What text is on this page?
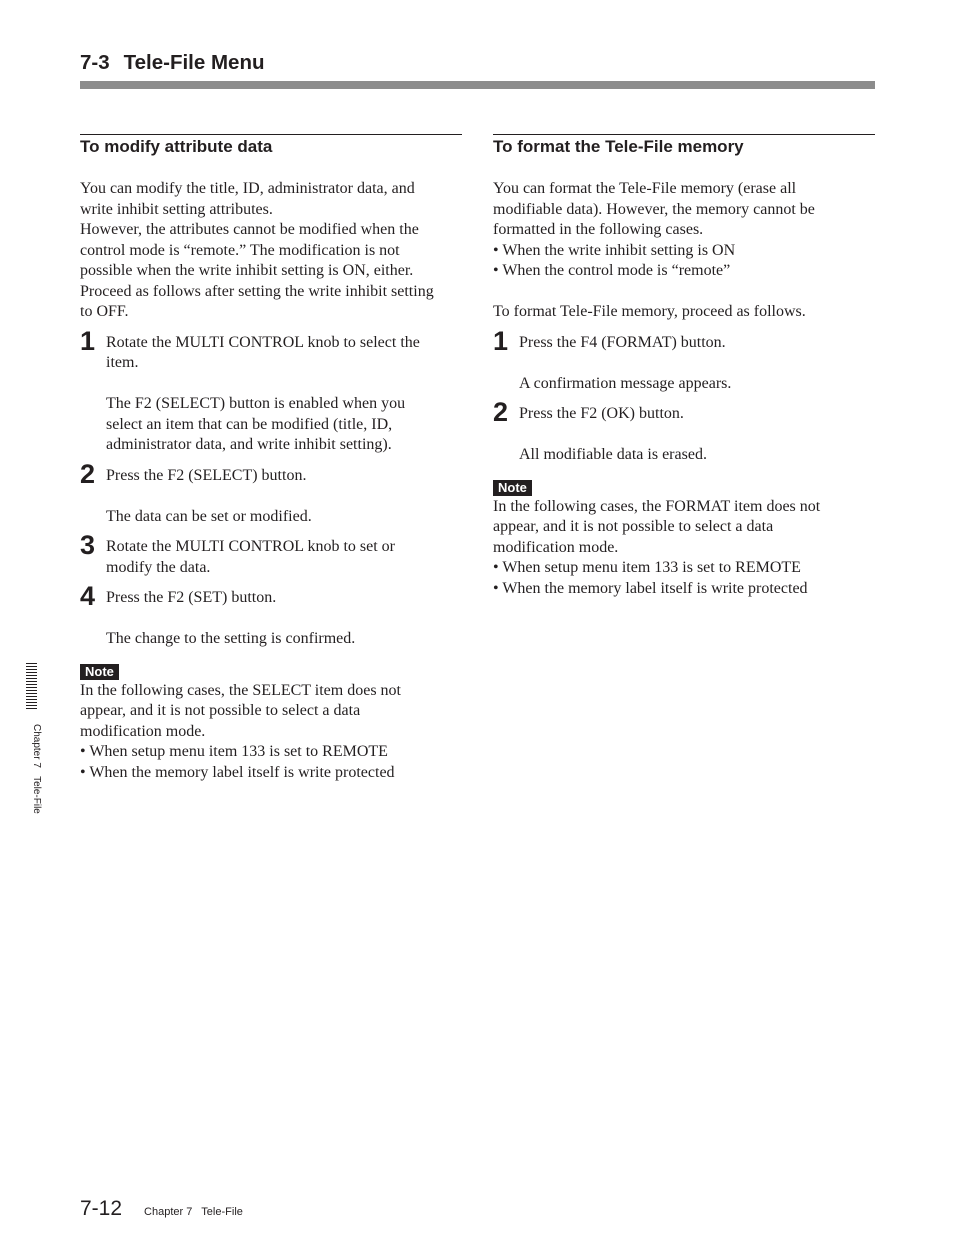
7-3 Tele-File Menu
To modify attribute data

You can modify the title, ID, administrator data, and
write inhibit setting attributes.
However, the attributes cannot be modified when the
control mode is “remote.” The modification is not
possible when the write inhibit setting is ON, either.
Proceed as follows after setting the write inhibit setting
to OFF.

1 Rotate the MULTI CONTROL knob to select the
item.

The F2 (SELECT) button is enabled when you
select an item that can be modified (title, ID,
administrator data, and write inhibit setting).

2 Press the F2 (SELECT) button.

The data can be set or modified.

3 Rotate the MULTI CONTROL knob to set or
modify the data.

4 Press the F2 (SET) button.

The change to the setting is confirmed.

Note

In the following cases, the SELECT item does not
appear, and it is not possible to select a data
modification mode.

• When setup menu item 133 is set to REMOTE

• When the memory label itself is write protected

To format the Tele-File memory

You can format the Tele-File memory (erase all
modifiable data). However, the memory cannot be
formatted in the following cases.

• When the write inhibit setting is ON

• When the control mode is “remote”

To format Tele-File memory, proceed as follows.

1 Press the F4 (FORMAT) button.

A confirmation message appears.

2 Press the F2 (OK) button.

All modifiable data is erased.

Note

In the following cases, the FORMAT item does not
appear, and it is not possible to select a data
modification mode.

• When setup menu item 133 is set to REMOTE

• When the memory label itself is write protected

Chapter 7   Tele-File
7-12 Chapter 7   Tele-File
